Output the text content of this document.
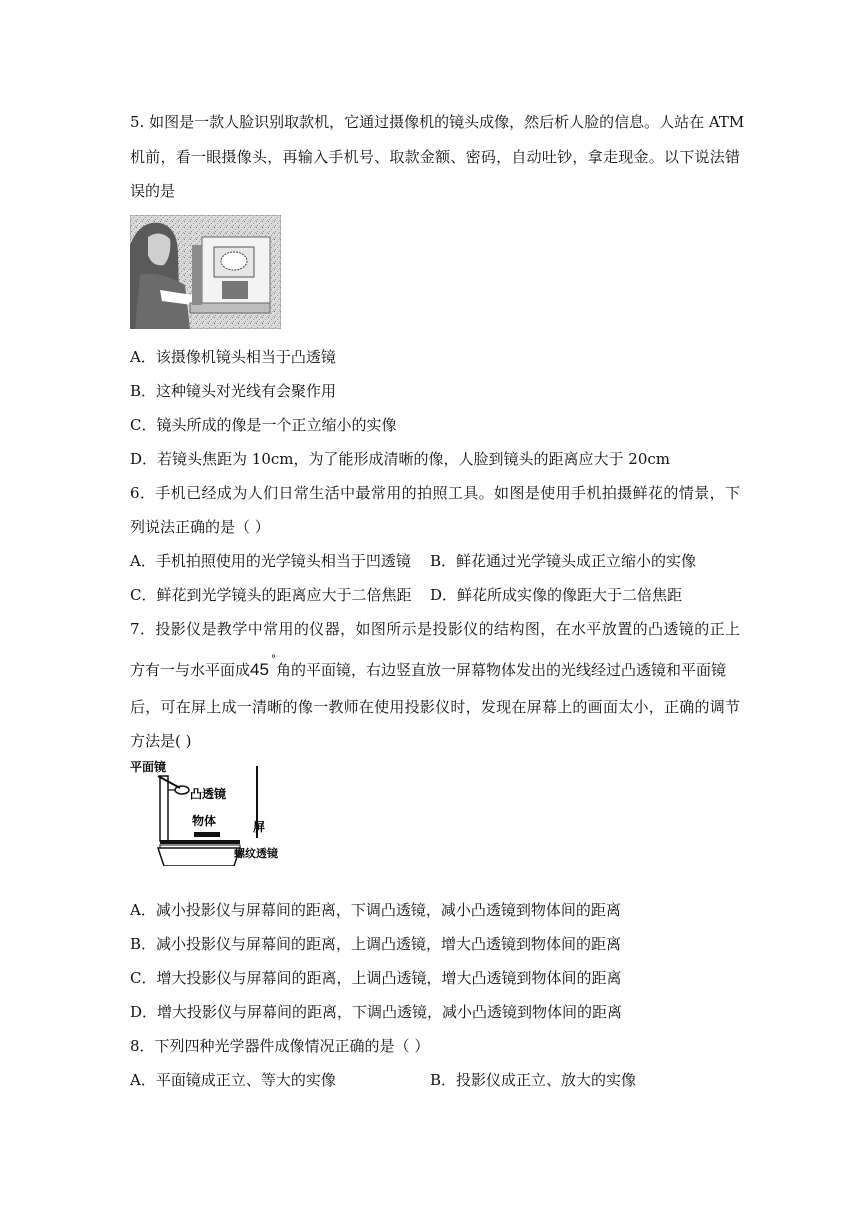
5. 如图是一款人脸识别取款机，它通过摄像机的镜头成像，然后析人脸的信息。人站在 ATM
机前，看一眼摄像头，再输入手机号、取款金额、密码，自动吐钞，拿走现金。以下说法错
误的是
A．该摄像机镜头相当于凸透镜
B．这种镜头对光线有会聚作用
C．镜头所成的像是一个正立缩小的实像
D．若镜头焦距为 10cm，为了能形成清晰的像，人脸到镜头的距离应大于 20cm
6．手机已经成为人们日常生活中最常用的拍照工具。如图是使用手机拍摄鲜花的情景，下
列说法正确的是（ ）
A．手机拍照使用的光学镜头相当于凹透镜 B．鲜花通过光学镜头成正立缩小的实像
C．鲜花到光学镜头的距离应大于二倍焦距 D．鲜花所成实像的像距大于二倍焦距
7．投影仪是教学中常用的仪器，如图所示是投影仪的结构图，在水平放置的凸透镜的正上
方有一与水平面成45°角的平面镜，右边竖直放一屏幕物体发出的光线经过凸透镜和平面镜
后，可在屏上成一清晰的像一教师在使用投影仪时，发现在屏幕上的画面太小，正确的调节
方法是( )
平面镜
凸透镜
屏
物体
螺纹透镜
A．减小投影仪与屏幕间的距离，下调凸透镜，减小凸透镜到物体间的距离
B．减小投影仪与屏幕间的距离，上调凸透镜，增大凸透镜到物体间的距离
C．增大投影仪与屏幕间的距离，上调凸透镜，增大凸透镜到物体间的距离
D．增大投影仪与屏幕间的距离，下调凸透镜，减小凸透镜到物体间的距离
8．下列四种光学器件成像情况正确的是（ ）
A．平面镜成正立、等大的实像	B．投影仪成正立、放大的实像
